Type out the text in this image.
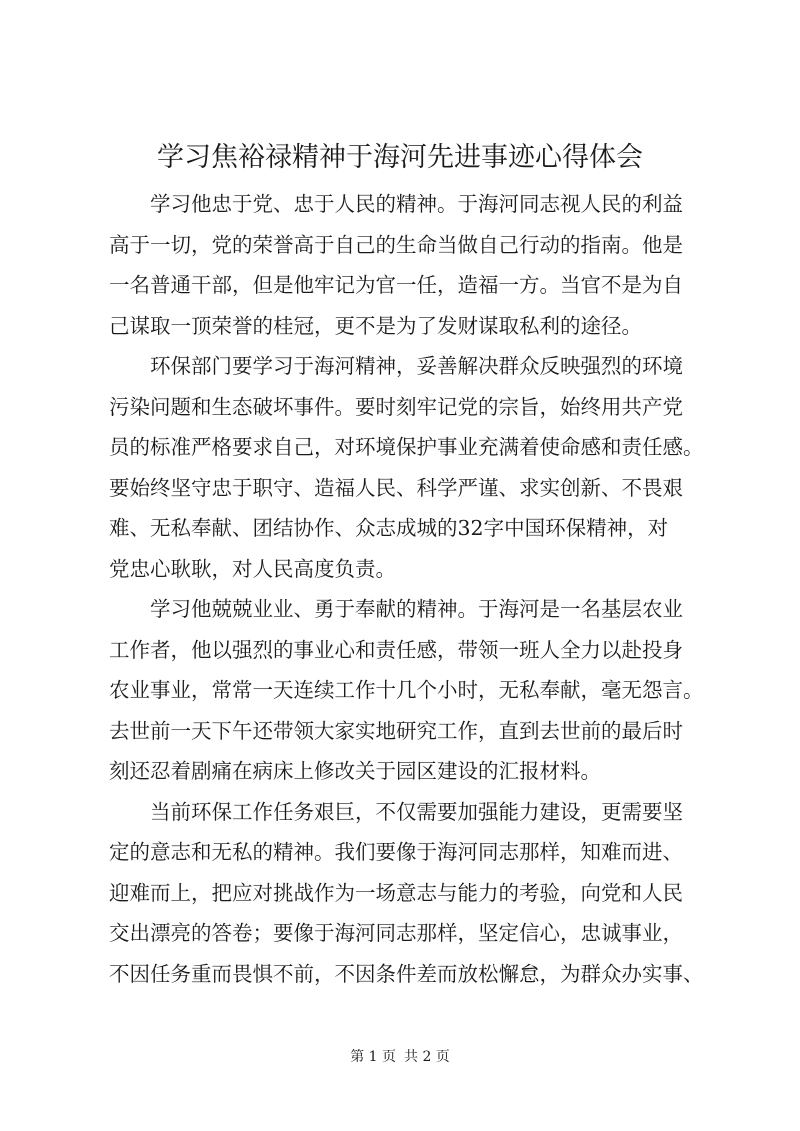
学习焦裕禄精神于海河先进事迹心得体会
学习他忠于党、忠于人民的精神。于海河同志视人民的利益
高于一切，党的荣誉高于自己的生命当做自己行动的指南。他是
一名普通干部，但是他牢记为官一任，造福一方。当官不是为自
己谋取一顶荣誉的桂冠，更不是为了发财谋取私利的途径。
环保部门要学习于海河精神，妥善解决群众反映强烈的环境
污染问题和生态破坏事件。要时刻牢记党的宗旨，始终用共产党
员的标准严格要求自己，对环境保护事业充满着使命感和责任感。
要始终坚守忠于职守、造福人民、科学严谨、求实创新、不畏艰
难、无私奉献、团结协作、众志成城的32字中国环保精神，对
党忠心耿耿，对人民高度负责。
学习他兢兢业业、勇于奉献的精神。于海河是一名基层农业
工作者，他以强烈的事业心和责任感，带领一班人全力以赴投身
农业事业，常常一天连续工作十几个小时，无私奉献，毫无怨言。
去世前一天下午还带领大家实地研究工作，直到去世前的最后时
刻还忍着剧痛在病床上修改关于园区建设的汇报材料。
当前环保工作任务艰巨，不仅需要加强能力建设，更需要坚
定的意志和无私的精神。我们要像于海河同志那样，知难而进、
迎难而上，把应对挑战作为一场意志与能力的考验，向党和人民
交出漂亮的答卷；要像于海河同志那样，坚定信心，忠诚事业，
不因任务重而畏惧不前，不因条件差而放松懈怠，为群众办实事、
第 1 页 共 2 页
